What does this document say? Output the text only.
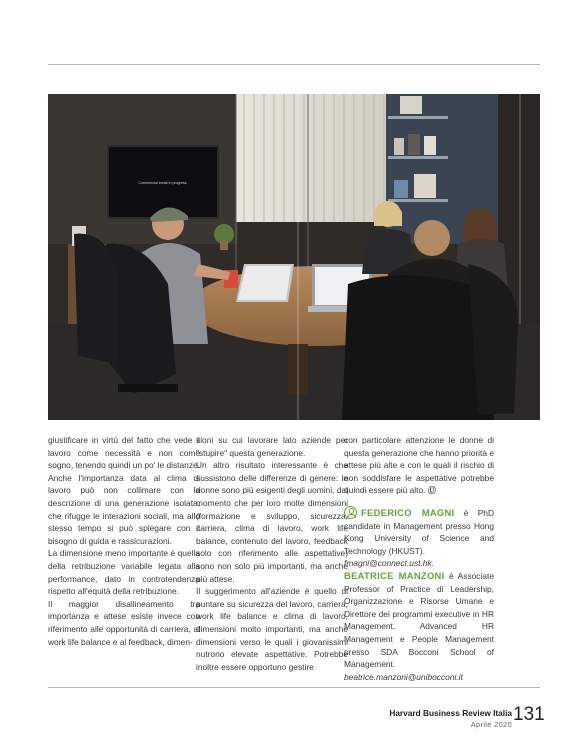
Commercial break in progress.

giustificare in virtù del fatto che vede il lavoro come necessità e non come sogno, tenendo quindi un po' le distanze. Anche l'importanza data al clima di lavoro può non collimare con la descrizione di una generazione isolata, che rifugge le interazioni sociali, ma allo stesso tempo si può spiegare con il bisogno di guida e rassicurazioni.

La dimensione meno importante è quella della retribuzione variabile legata alla performance, dato in controtendenza rispetto all'equità della retribuzione.

Il maggior disallineamento tra importanza e attese esiste invece con riferimento alle opportunità di carriera, al work life balance e al feedback, dimen-

sioni su cui lavorare lato aziende per "stupire" questa generazione.

Un altro risultato interessante è che sussistono delle differenze di genere: le donne sono più esigenti degli uomini, dal momento che per loro molte dimensioni (formazione e sviluppo, sicurezza, carriera, clima di lavoro, work life balance, contenuto del lavoro, feedback solo con riferimento alle aspettative) sono non solo più importanti, ma anche più attese.

Il suggerimento all'aziende è quello di puntare su sicurezza del lavoro, carriera, work life balance e clima di lavoro, dimensioni molto importanti, ma anche dimensioni verso le quali i giovanissimi nutrono elevate aspettative. Potrebbe inoltre essere opportuno gestire

con particolare attenzione le donne di questa generazione che hanno priorità e attese più alte e con le quali il rischio di non soddisfare le aspettative potrebbe quindi essere più alto. Ⓤ

FEDERICO MAGNI è PhD candidate in Management presso Hong Kong University of Science and Technology (HKUST).

fmagni@connect.ust.hk.

BEATRICE MANZONI è Associate Professor of Practice di Leadership, Organizzazione e Risorse Umane e Direttore dei programmi executive in HR Management, Advanced HR Management e People Management presso SDA Bocconi School of Management.

beatrice.manzoni@unibocconi.it

Harvard Business Review Italia
Aprile 2020 131
